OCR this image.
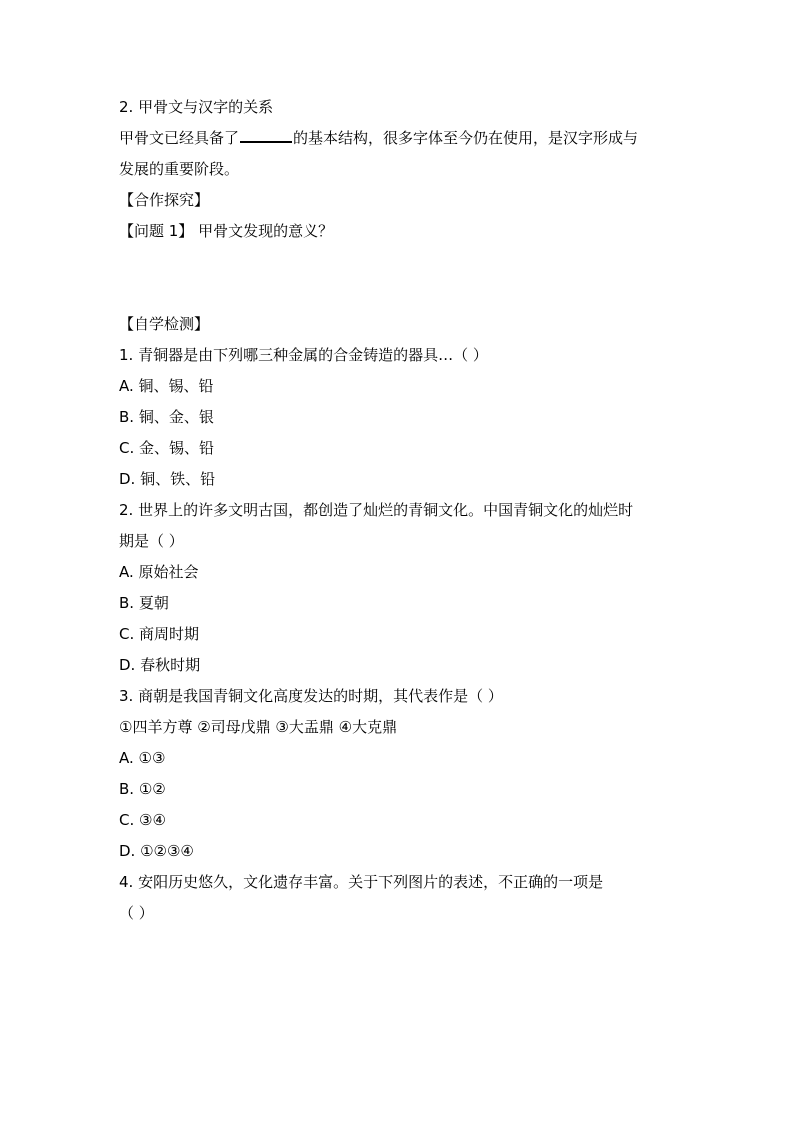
2. 甲骨文与汉字的关系
甲骨文已经具备了	的基本结构，很多字体至今仍在使用，是汉字形成与
发展的重要阶段。
【合作探究】
【问题 1】 甲骨文发现的意义？
【自学检测】
1. 青铜器是由下列哪三种金属的合金铸造的器具…（ ）
A. 铜、锡、铅
B. 铜、金、银
C. 金、锡、铅
D. 铜、铁、铅
2. 世界上的许多文明古国，都创造了灿烂的青铜文化。中国青铜文化的灿烂时
期是（ ）
A. 原始社会
B. 夏朝
C. 商周时期
D. 春秋时期
3. 商朝是我国青铜文化高度发达的时期，其代表作是（ ）
①四羊方尊 ②司母戊鼎 ③大盂鼎 ④大克鼎
A. ①③
B. ①②
C. ③④
D. ①②③④
4. 安阳历史悠久，文化遗存丰富。关于下列图片的表述，不正确的一项是
（ ）
